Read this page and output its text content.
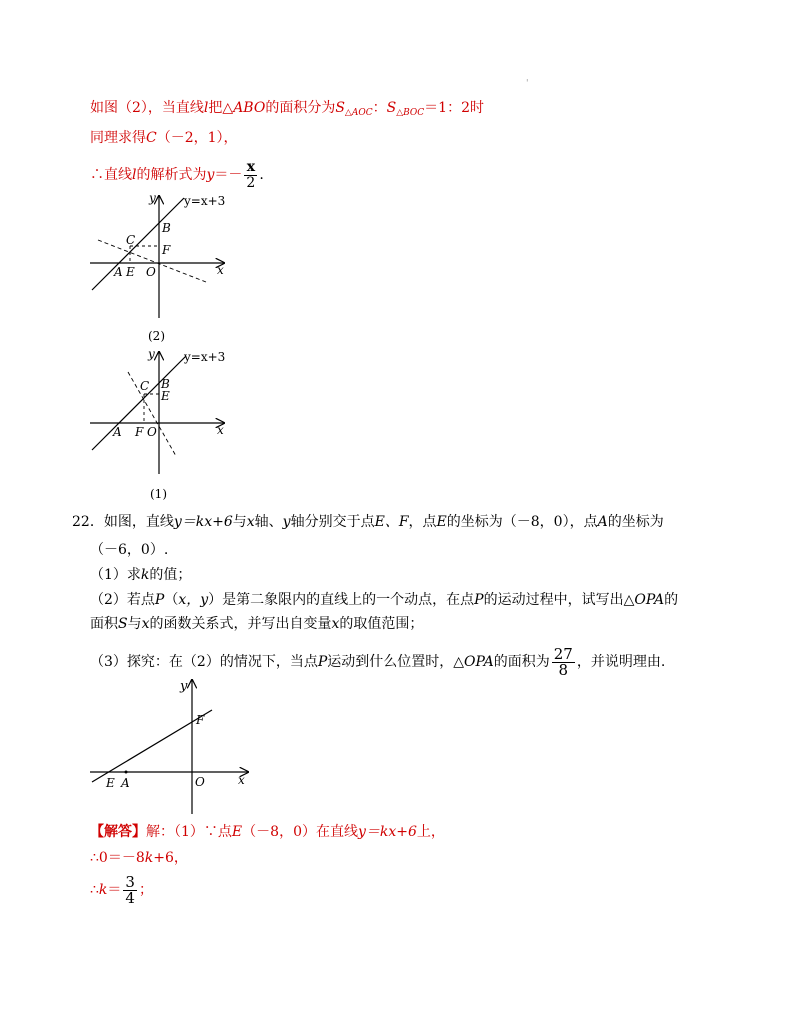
'
如图（2），当直线l把△ABO的面积分为$S_{\triangle AOC}$：$S_{\triangle BOC}=1$：2时
同理求得C（－2，1），
∴直线l的解析式为$y=- \frac{x}{2}$ .
y y=x+3
B
C
F
A E O	x
(2)
y y=x+3
C B
E
A F O	x
(1)
22．如图，直线y＝kx+6与x轴、y轴分别交于点E、F，点E的坐标为（－8，0），点A的坐标为
（－6，0）.
（1）求k的值；
（2）若点P（x，y）是第二象限内的直线上的一个动点，在点P的运动过程中，试写出△OPA的
面积S与x的函数关系式，并写出自变量x的取值范围；
（3）探究：在（2）的情况下，当点P运动到什么位置时，△OPA的面积为 $\frac{27}{8}$ ，并说明理由.
y
F
E A	O	x
【解答】解：（1）∵点E（－8，0）在直线y＝kx+6上，
∴0＝－8k+6，
∴k＝ $\frac{3}{4}$ ；
